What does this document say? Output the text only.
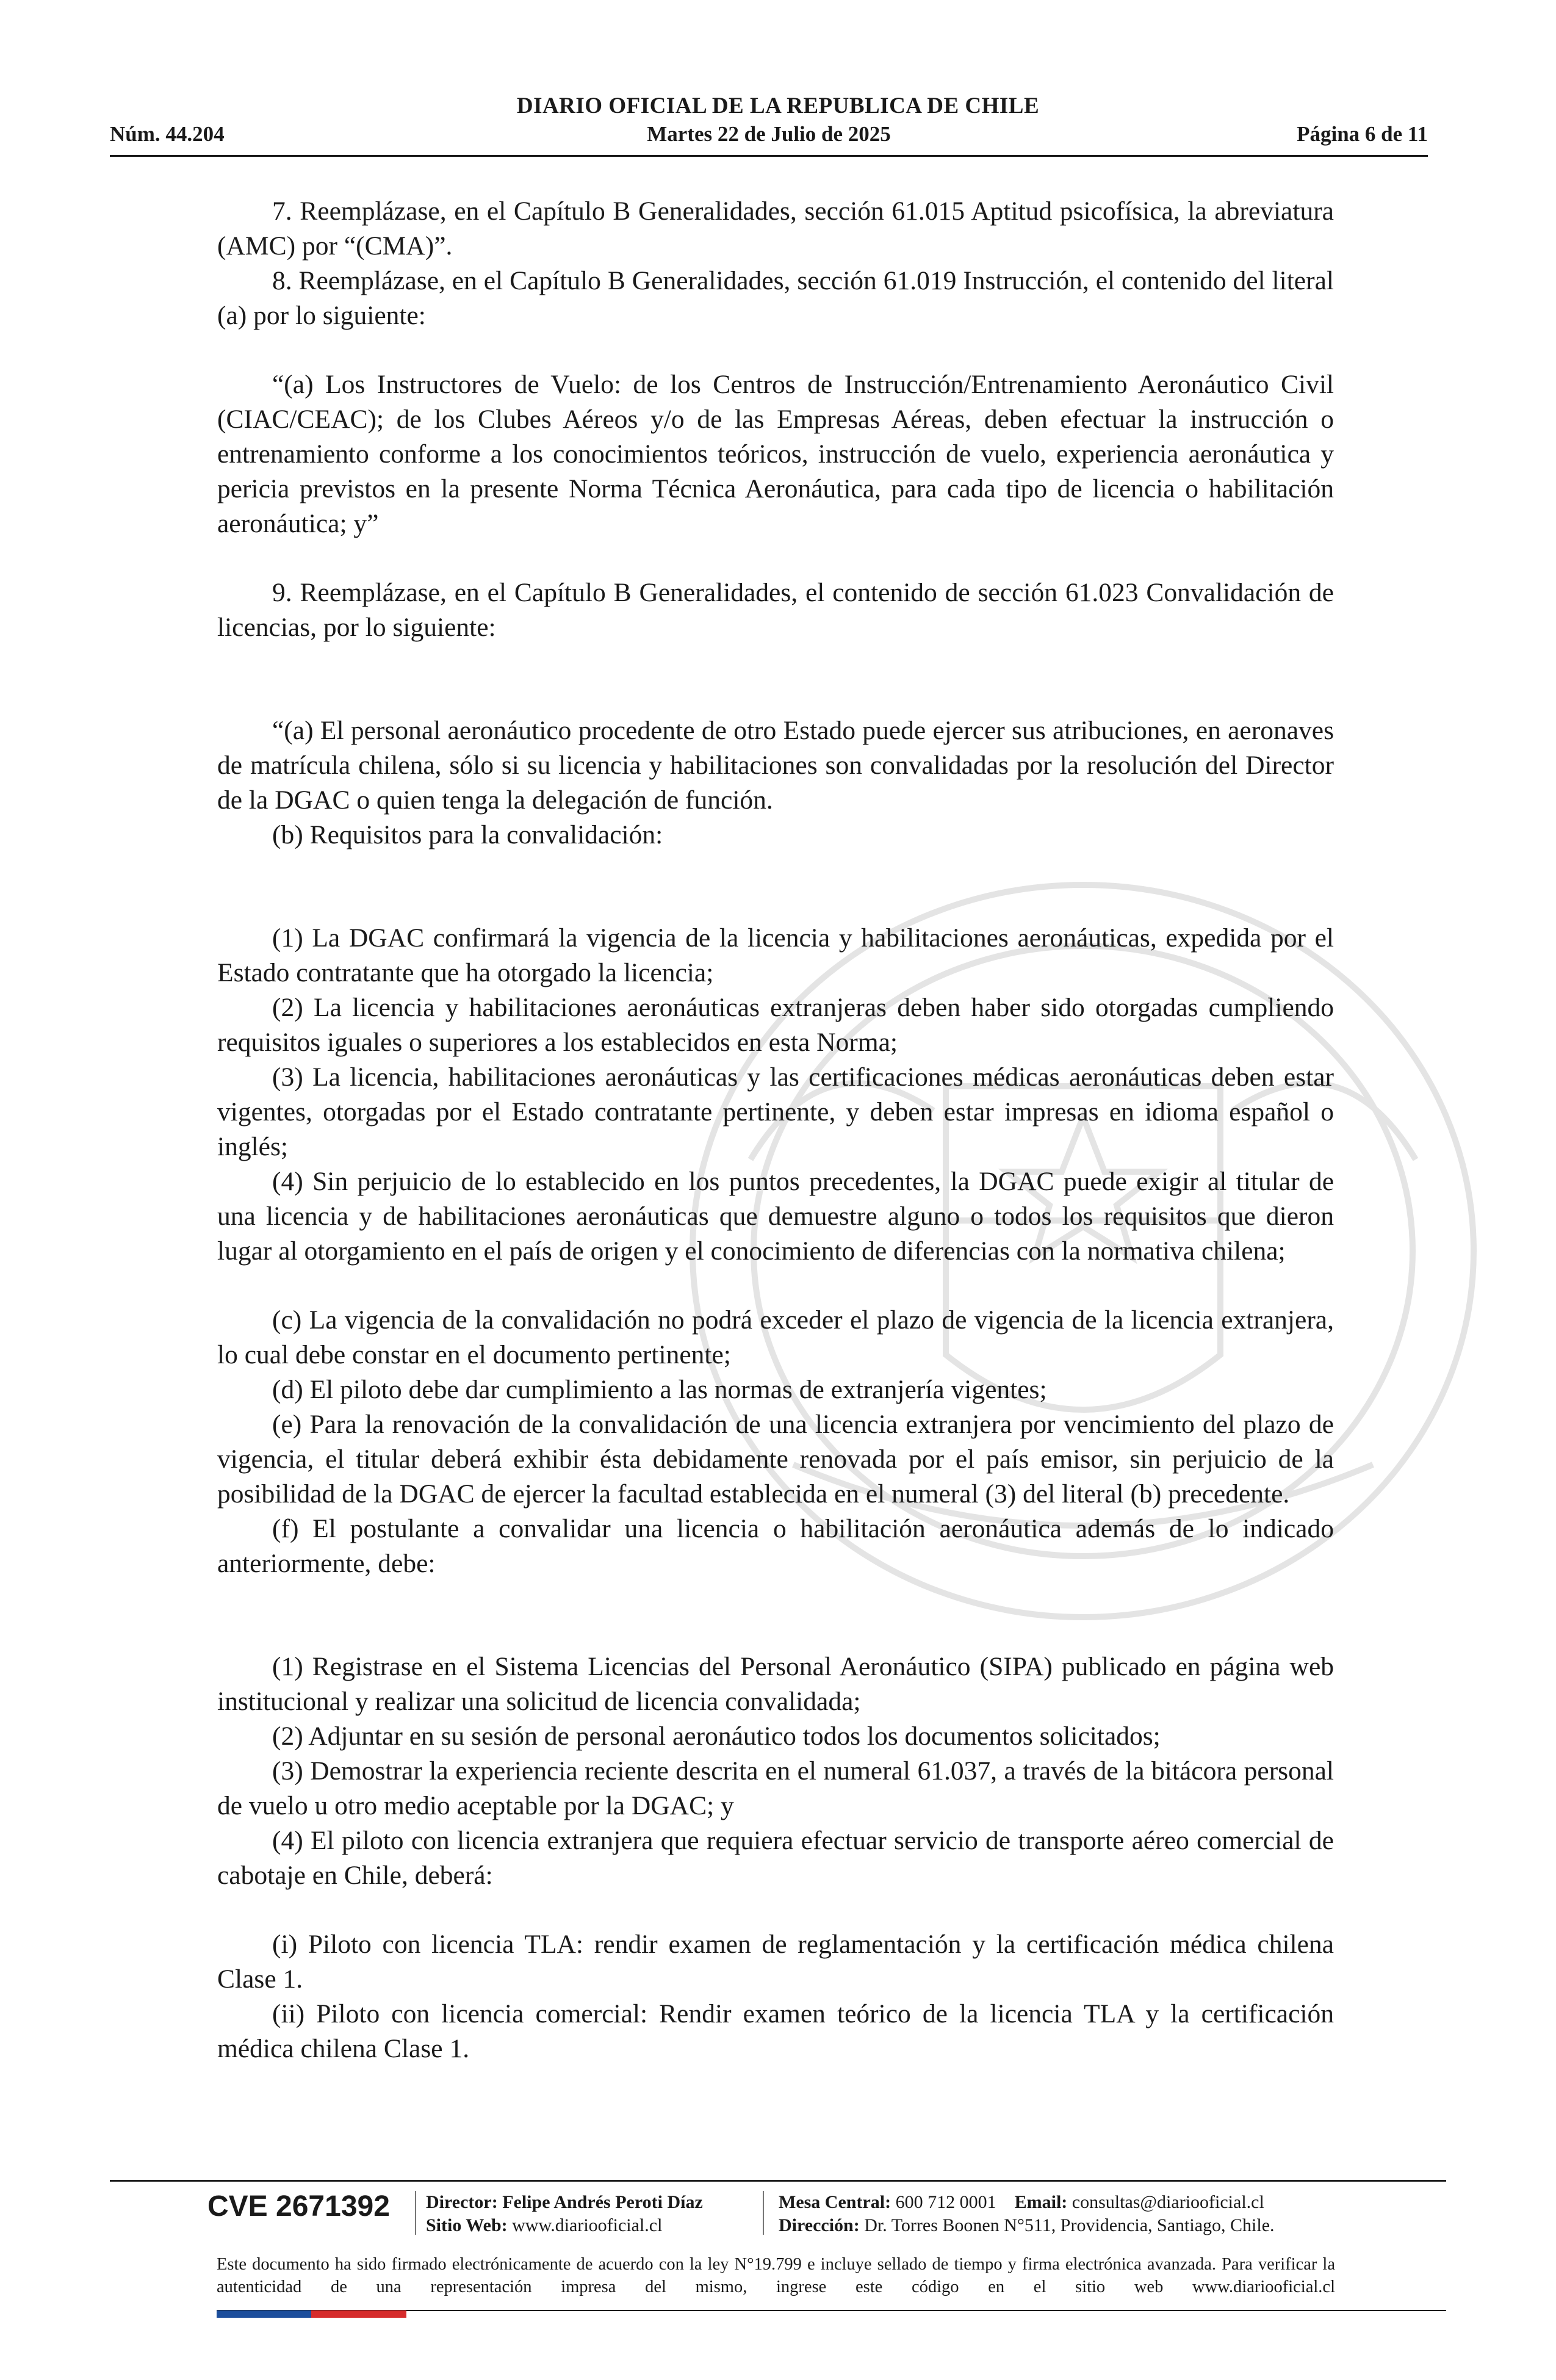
DIARIO OFICIAL DE LA REPUBLICA DE CHILE
Núm. 44.204	Martes 22 de Julio de 2025	Página 6 de 11

7. Reemplázase, en el Capítulo B Generalidades, sección 61.015 Aptitud psicofísica, la abreviatura (AMC) por “(CMA)”.

8. Reemplázase, en el Capítulo B Generalidades, sección 61.019 Instrucción, el contenido del literal (a) por lo siguiente:

“(a) Los Instructores de Vuelo: de los Centros de Instrucción/Entrenamiento Aeronáutico Civil (CIAC/CEAC); de los Clubes Aéreos y/o de las Empresas Aéreas, deben efectuar la instrucción o entrenamiento conforme a los conocimientos teóricos, instrucción de vuelo, experiencia aeronáutica y pericia previstos en la presente Norma Técnica Aeronáutica, para cada tipo de licencia o habilitación aeronáutica; y”

9. Reemplázase, en el Capítulo B Generalidades, el contenido de sección 61.023 Convalidación de licencias, por lo siguiente:

“(a) El personal aeronáutico procedente de otro Estado puede ejercer sus atribuciones, en aeronaves de matrícula chilena, sólo si su licencia y habilitaciones son convalidadas por la resolución del Director de la DGAC o quien tenga la delegación de función.

(b) Requisitos para la convalidación:

(1) La DGAC confirmará la vigencia de la licencia y habilitaciones aeronáuticas, expedida por el Estado contratante que ha otorgado la licencia;

(2) La licencia y habilitaciones aeronáuticas extranjeras deben haber sido otorgadas cumpliendo requisitos iguales o superiores a los establecidos en esta Norma;

(3) La licencia, habilitaciones aeronáuticas y las certificaciones médicas aeronáuticas deben estar vigentes, otorgadas por el Estado contratante pertinente, y deben estar impresas en idioma español o inglés;

(4) Sin perjuicio de lo establecido en los puntos precedentes, la DGAC puede exigir al titular de una licencia y de habilitaciones aeronáuticas que demuestre alguno o todos los requisitos que dieron lugar al otorgamiento en el país de origen y el conocimiento de diferencias con la normativa chilena;

(c) La vigencia de la convalidación no podrá exceder el plazo de vigencia de la licencia extranjera, lo cual debe constar en el documento pertinente;

(d) El piloto debe dar cumplimiento a las normas de extranjería vigentes;

(e) Para la renovación de la convalidación de una licencia extranjera por vencimiento del plazo de vigencia, el titular deberá exhibir ésta debidamente renovada por el país emisor, sin perjuicio de la posibilidad de la DGAC de ejercer la facultad establecida en el numeral (3) del literal (b) precedente.

(f) El postulante a convalidar una licencia o habilitación aeronáutica además de lo indicado anteriormente, debe:

(1) Registrase en el Sistema Licencias del Personal Aeronáutico (SIPA) publicado en página web institucional y realizar una solicitud de licencia convalidada;

(2) Adjuntar en su sesión de personal aeronáutico todos los documentos solicitados;

(3) Demostrar la experiencia reciente descrita en el numeral 61.037, a través de la bitácora personal de vuelo u otro medio aceptable por la DGAC; y

(4) El piloto con licencia extranjera que requiera efectuar servicio de transporte aéreo comercial de cabotaje en Chile, deberá:

(i) Piloto con licencia TLA: rendir examen de reglamentación y la certificación médica chilena Clase 1.

(ii) Piloto con licencia comercial: Rendir examen teórico de la licencia TLA y la certificación médica chilena Clase 1.

CVE 2671392 Director: Felipe Andrés Peroti Díaz
Sitio Web: www.diariooficial.cl
Mesa Central: 600 712 0001 Email: consultas@diariooficial.cl
Dirección: Dr. Torres Boonen N°511, Providencia, Santiago, Chile.
Este documento ha sido firmado electrónicamente de acuerdo con la ley N°19.799 e incluye sellado de tiempo y firma electrónica avanzada. Para verificar la autenticidad de una representación impresa del mismo, ingrese este código en el sitio web www.diariooficial.cl
